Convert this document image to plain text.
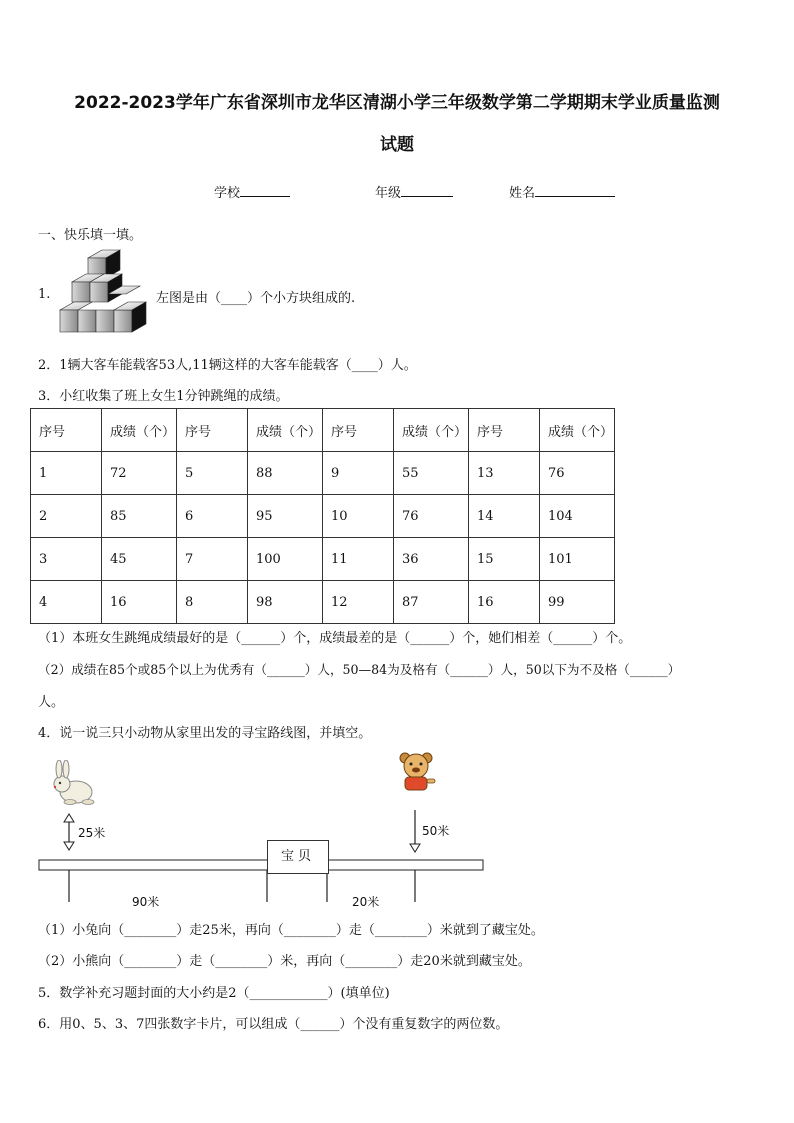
2022-2023学年广东省深圳市龙华区清湖小学三年级数学第二学期期末学业质量监测
试题
学校	年级	姓名
一、快乐填一填。
1.	左图是由（____）个小方块组成的.
2．1辆大客车能载客53人,11辆这样的大客车能载客（____）人。
3．小红收集了班上女生1分钟跳绳的成绩。
序号	成绩（个）	序号	成绩（个）	序号	成绩（个）	序号	成绩（个）
1	72	5	88	9	55	13	76
2	85	6	95	10	76	14	104
3	45	7	100	11	36	15	101
4	16	8	98	12	87	16	99
（1）本班女生跳绳成绩最好的是（______）个，成绩最差的是（______）个，她们相差（______）个。
（2）成绩在85个或85个以上为优秀有（______）人，50—84为及格有（______）人，50以下为不及格（______）
人。
4．说一说三只小动物从家里出发的寻宝路线图，并填空。
宝贝
25米	50米
90米	20米
（1）小兔向（________）走25米，再向（________）走（________）米就到了藏宝处。
（2）小熊向（________）走（________）米，再向（________）走20米就到藏宝处。
5．数学补充习题封面的大小约是2（____________）(填单位)
6．用0、5、3、7四张数字卡片，可以组成（______）个没有重复数字的两位数。
